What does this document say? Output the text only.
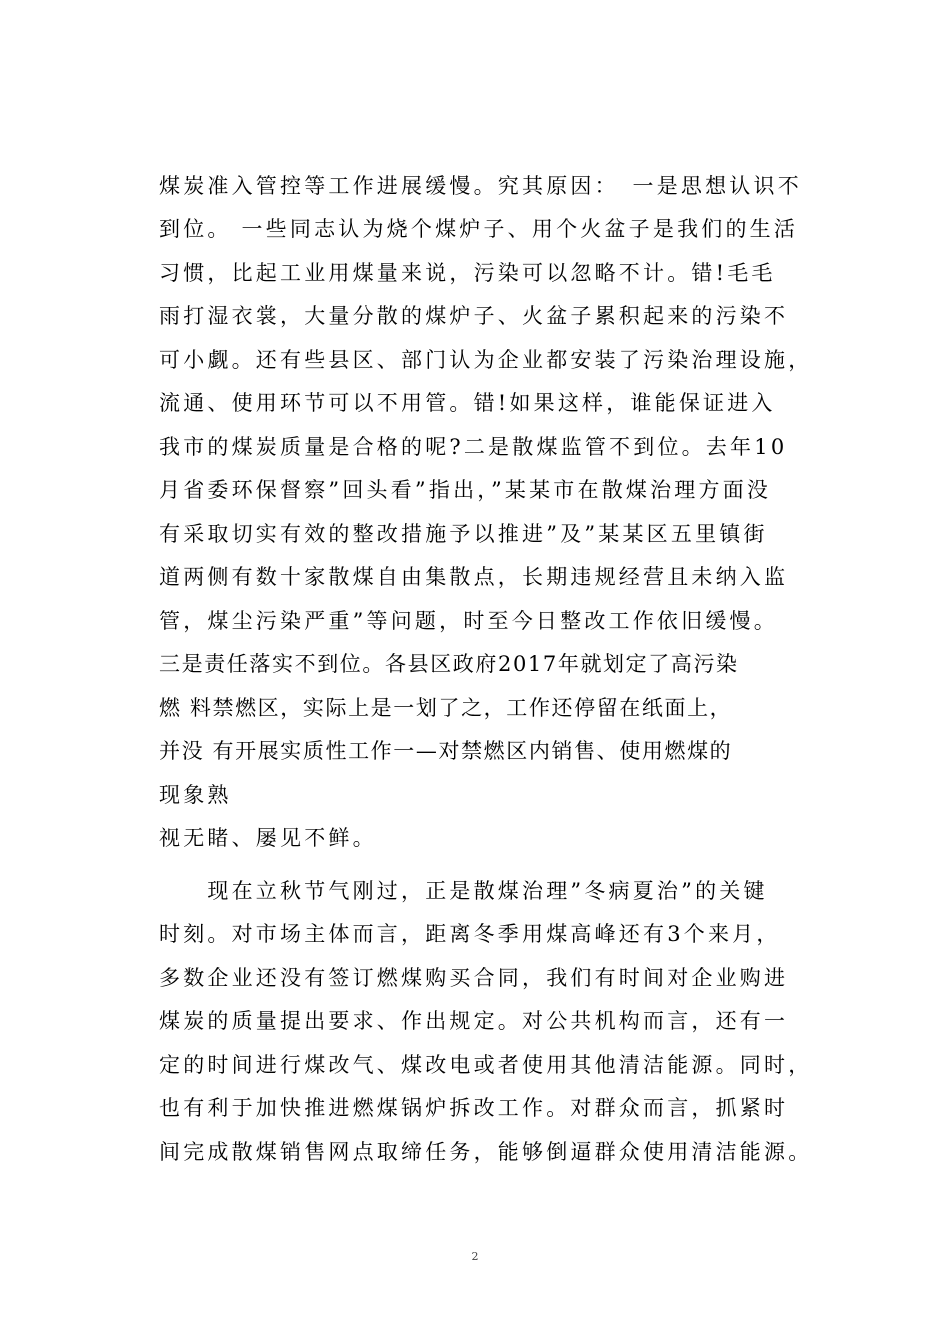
煤炭准入管控等工作进展缓慢。究其原因：　一是思想认识不
到位。 一些同志认为烧个煤炉子、用个火盆子是我们的生活
习惯，比起工业用煤量来说，污染可以忽略不计。错!毛毛
雨打湿衣裳，大量分散的煤炉子、火盆子累积起来的污染不
可小觑。还有些县区、部门认为企业都安装了污染治理设施，
流通、使用环节可以不用管。错!如果这样，谁能保证进入
我市的煤炭质量是合格的呢?二是散煤监管不到位。去年10
月省委环保督察”回头看”指出，”某某市在散煤治理方面没
有采取切实有效的整改措施予以推进”及”某某区五里镇街
道两侧有数十家散煤自由集散点，长期违规经营且未纳入监
管，煤尘污染严重”等问题，时至今日整改工作依旧缓慢。
三是责任落实不到位。各县区政府2017年就划定了高污染
燃 料禁燃区，实际上是一划了之，工作还停留在纸面上，
并没 有开展实质性工作一—对禁燃区内销售、使用燃煤的
现象熟
视无睹、屡见不鲜。
　　现在立秋节气刚过，正是散煤治理”冬病夏治”的关键
时刻。对市场主体而言，距离冬季用煤高峰还有3个来月，
多数企业还没有签订燃煤购买合同，我们有时间对企业购进
煤炭的质量提出要求、作出规定。对公共机构而言，还有一
定的时间进行煤改气、煤改电或者使用其他清洁能源。同时，
也有利于加快推进燃煤锅炉拆改工作。对群众而言，抓紧时
间完成散煤销售网点取缔任务，能够倒逼群众使用清洁能源。
2
